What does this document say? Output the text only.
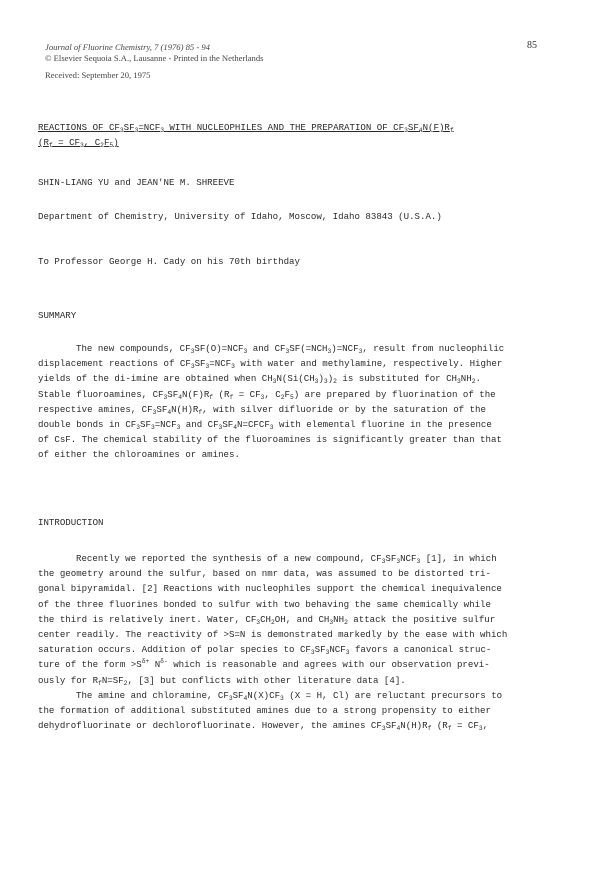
Journal of Fluorine Chemistry, 7 (1976) 85 - 94
© Elsevier Sequoia S.A., Lausanne - Printed in the Netherlands
Received: September 20, 1975
85
REACTIONS OF $CF_3SF_3=NCF_3$ WITH NUCLEOPHILES AND THE PREPARATION OF $CF_3SF_4N(F)R_f$
($R_f = CF_3$, $C_2F_5$)
SHIN-LIANG YU and JEAN'NE M. SHREEVE
Department of Chemistry, University of Idaho, Moscow, Idaho 83843 (U.S.A.)
To Professor George H. Cady on his 70th birthday
SUMMARY
The new compounds, $CF_3SF(O)=NCF_3$ and $CF_3SF(=NCH_3)=NCF_3$, result from nucleophilic
displacement reactions of $CF_3SF_3=NCF_3$ with water and methylamine, respectively. Higher
yields of the di-imine are obtained when $CH_3N(Si(CH_3)_3)_2$ is substituted for $CH_3NH_2$.
Stable fluoroamines, $CF_3SF_4N(F)R_f$ ($R_f = CF_3$, $C_2F_5$) are prepared by fluorination of the
respective amines, $CF_3SF_4N(H)R_f$, with silver difluoride or by the saturation of the
double bonds in $CF_3SF_3=NCF_3$ and $CF_3SF_4N=CFCF_3$ with elemental fluorine in the presence
of CsF. The chemical stability of the fluoroamines is significantly greater than that
of either the chloroamines or amines.
INTRODUCTION
Recently we reported the synthesis of a new compound, $CF_3SF_3NCF_3$ [1], in which
the geometry around the sulfur, based on nmr data, was assumed to be distorted tri-
gonal bipyramidal. [2] Reactions with nucleophiles support the chemical inequivalence
of the three fluorines bonded to sulfur with two behaving the same chemically while
the third is relatively inert. Water, $CF_3CH_2OH$, and $CH_3NH_2$ attack the positive sulfur
center readily. The reactivity of >S=N is demonstrated markedly by the ease with which
saturation occurs. Addition of polar species to $CF_3SF_3NCF_3$ favors a canonical struc-
ture of the form $>S^{\delta+}$ $N^{\delta-}$ which is reasonable and agrees with our observation previ-
ously for $R_fN=SF_2$, [3] but conflicts with other literature data [4].
The amine and chloramine, $CF_3SF_4N(X)CF_3$ (X = H, Cl) are reluctant precursors to
the formation of additional substituted amines due to a strong propensity to either
dehydrofluorinate or dechlorofluorinate. However, the amines $CF_3SF_4N(H)R_f$ ($R_f = CF_3$,
